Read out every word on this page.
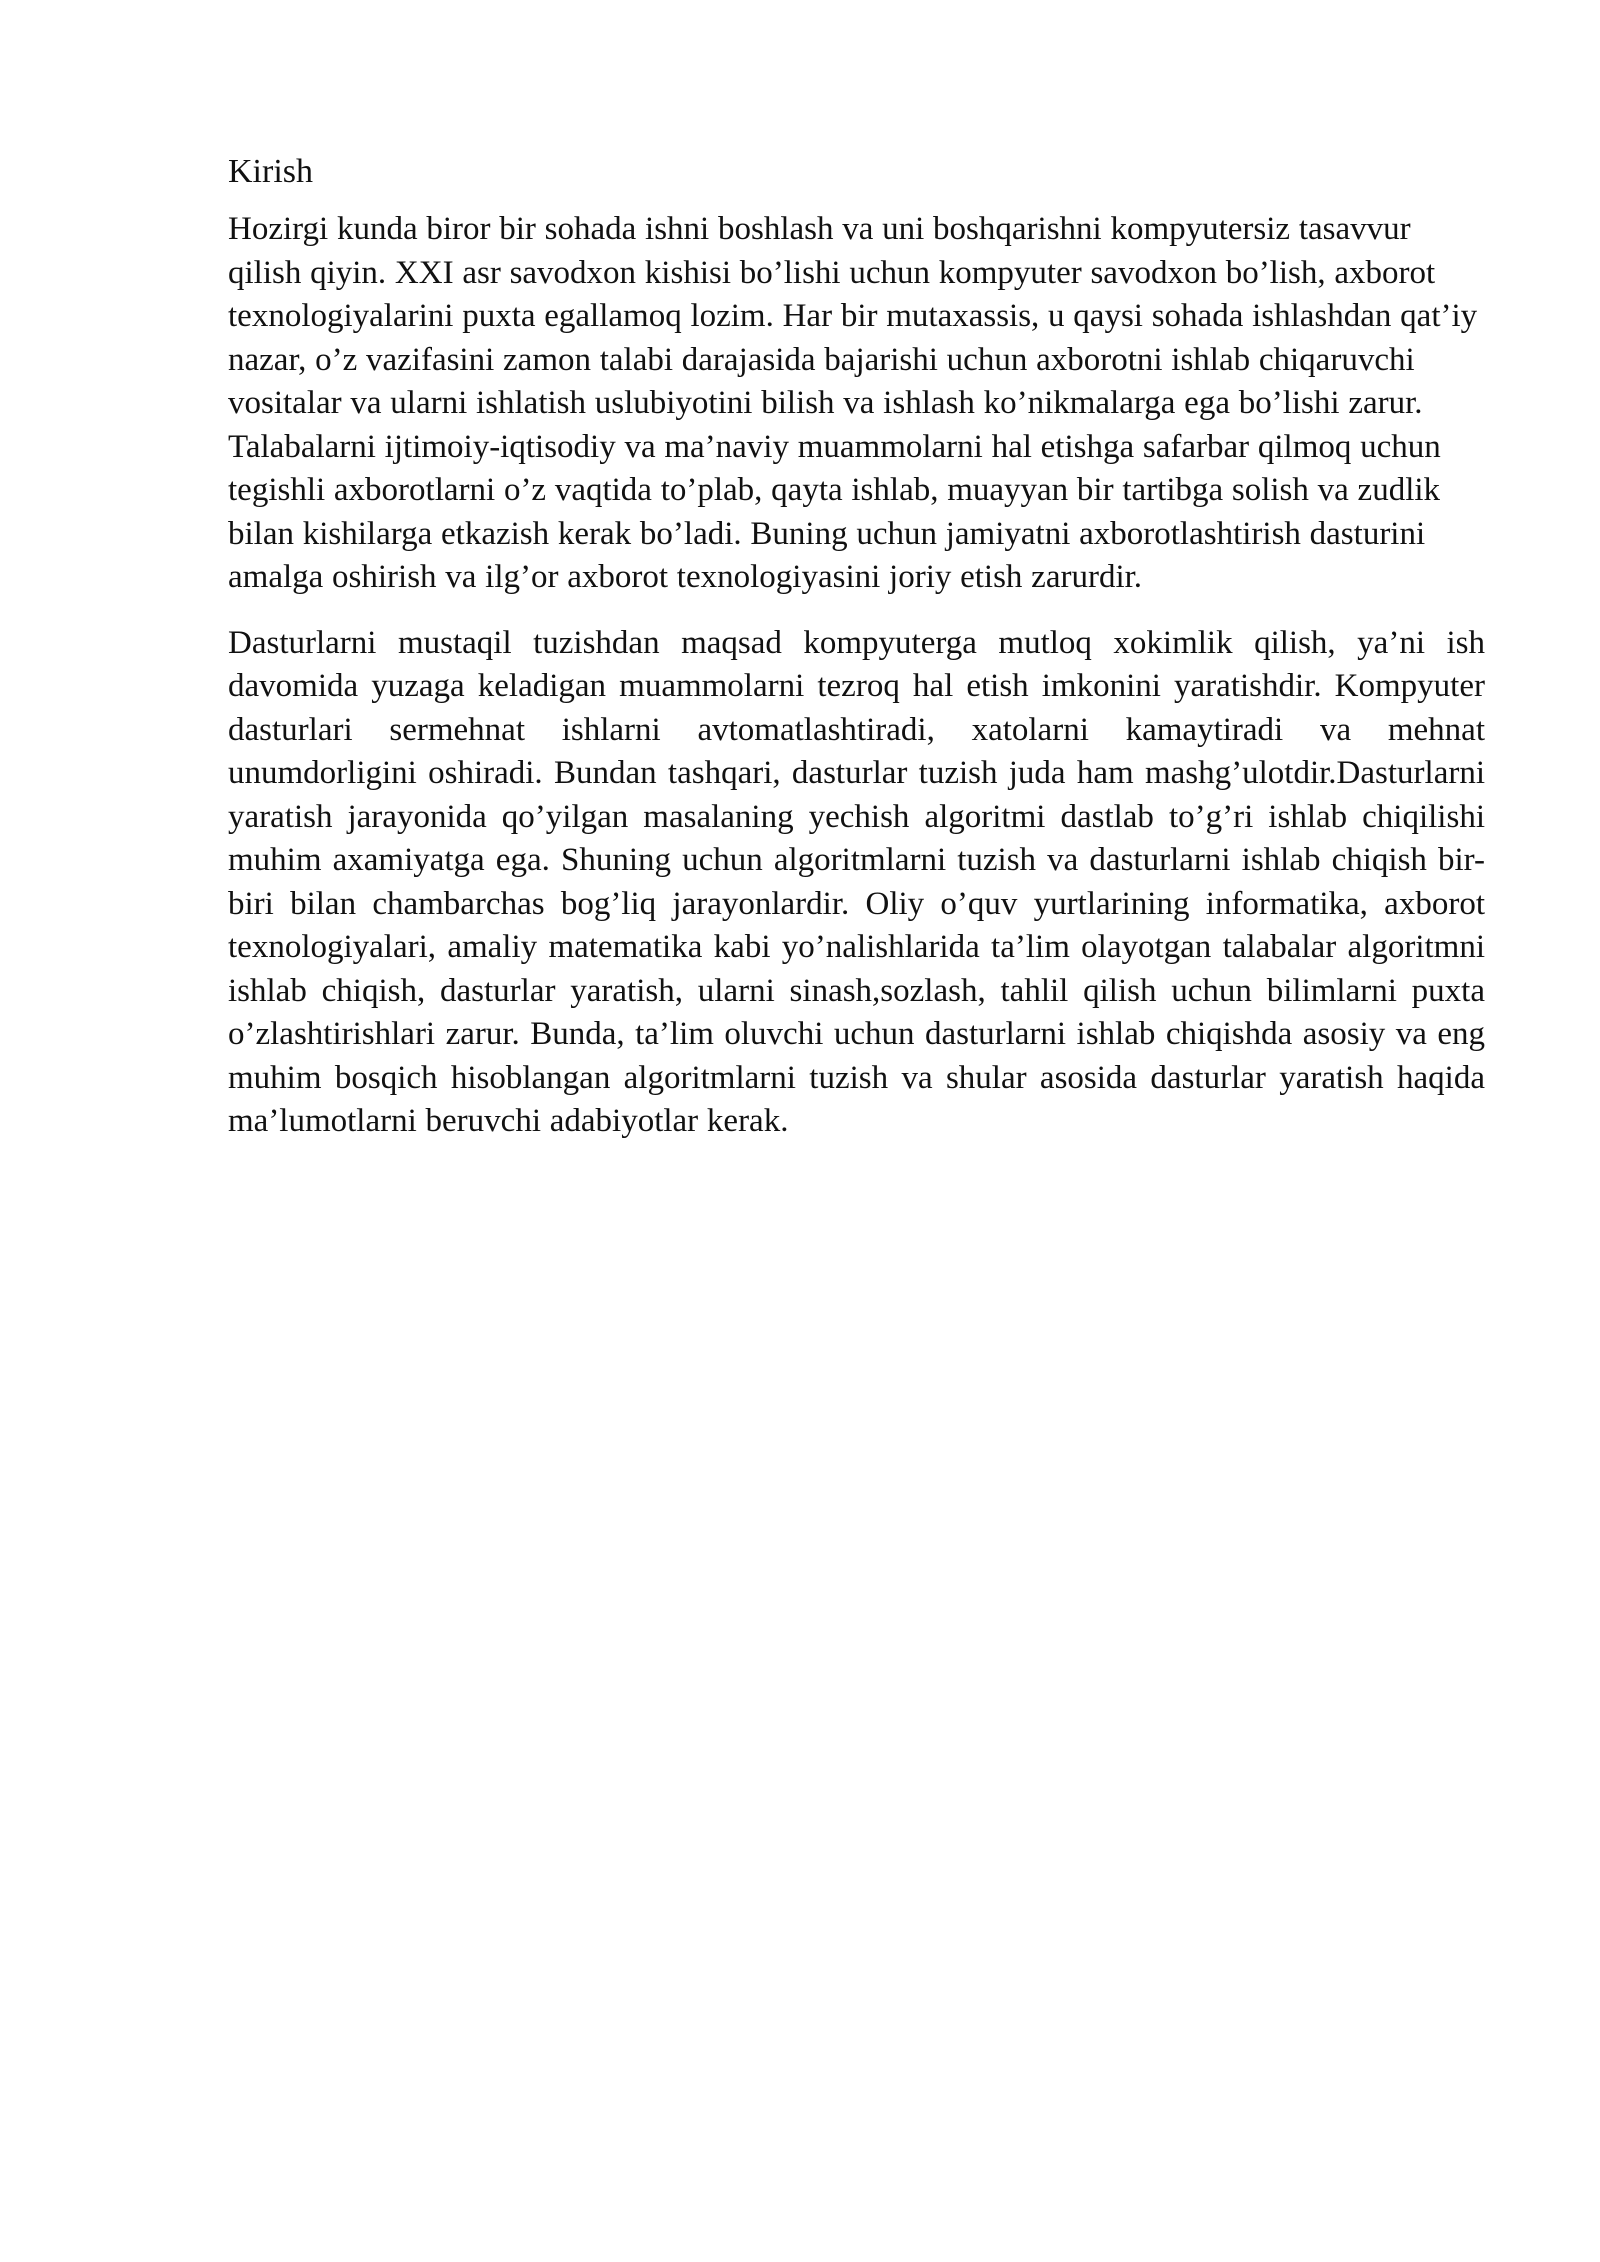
Kirish

Hozirgi kunda biror bir sohada ishni boshlash va uni boshqarishni kompyutersiz tasavvur qilish qiyin. XXI asr savodxon kishisi bo’lishi uchun kompyuter savodxon bo’lish, axborot texnologiyalarini puxta egallamoq lozim. Har bir mutaxassis, u qaysi sohada ishlashdan qat’iy nazar, o’z vazifasini zamon talabi darajasida bajarishi uchun axborotni ishlab chiqaruvchi vositalar va ularni ishlatish uslubiyotini bilish va ishlash ko’nikmalarga ega bo’lishi zarur. Talabalarni ijtimoiy-iqtisodiy va ma’naviy muammolarni hal etishga safarbar qilmoq uchun tegishli axborotlarni o’z vaqtida to’plab, qayta ishlab, muayyan bir tartibga solish va zudlik bilan kishilarga etkazish kerak bo’ladi. Buning uchun jamiyatni axborotlashtirish dasturini amalga oshirish va ilg’or axborot texnologiyasini joriy etish zarurdir.

Dasturlarni mustaqil tuzishdan maqsad kompyuterga mutloq xokimlik qilish, ya’ni ish davomida yuzaga keladigan muammolarni tezroq hal etish imkonini yaratishdir. Kompyuter dasturlari sermehnat ishlarni avtomatlashtiradi, xatolarni kamaytiradi va mehnat unumdorligini oshiradi. Bundan tashqari, dasturlar tuzish juda ham mashg’ulotdir.Dasturlarni yaratish jarayonida qo’yilgan masalaning yechish algoritmi dastlab to’g’ri ishlab chiqilishi muhim axamiyatga ega. Shuning uchun algoritmlarni tuzish va dasturlarni ishlab chiqish bir-biri bilan chambarchas bog’liq jarayonlardir. Oliy o’quv yurtlarining informatika, axborot texnologiyalari, amaliy matematika kabi yo’nalishlarida ta’lim olayotgan talabalar algoritmni ishlab chiqish, dasturlar yaratish, ularni sinash,sozlash, tahlil qilish uchun bilimlarni puxta o’zlashtirishlari zarur. Bunda, ta’lim oluvchi uchun dasturlarni ishlab chiqishda asosiy va eng muhim bosqich hisoblangan algoritmlarni tuzish va shular asosida dasturlar yaratish haqida ma’lumotlarni beruvchi adabiyotlar kerak.
